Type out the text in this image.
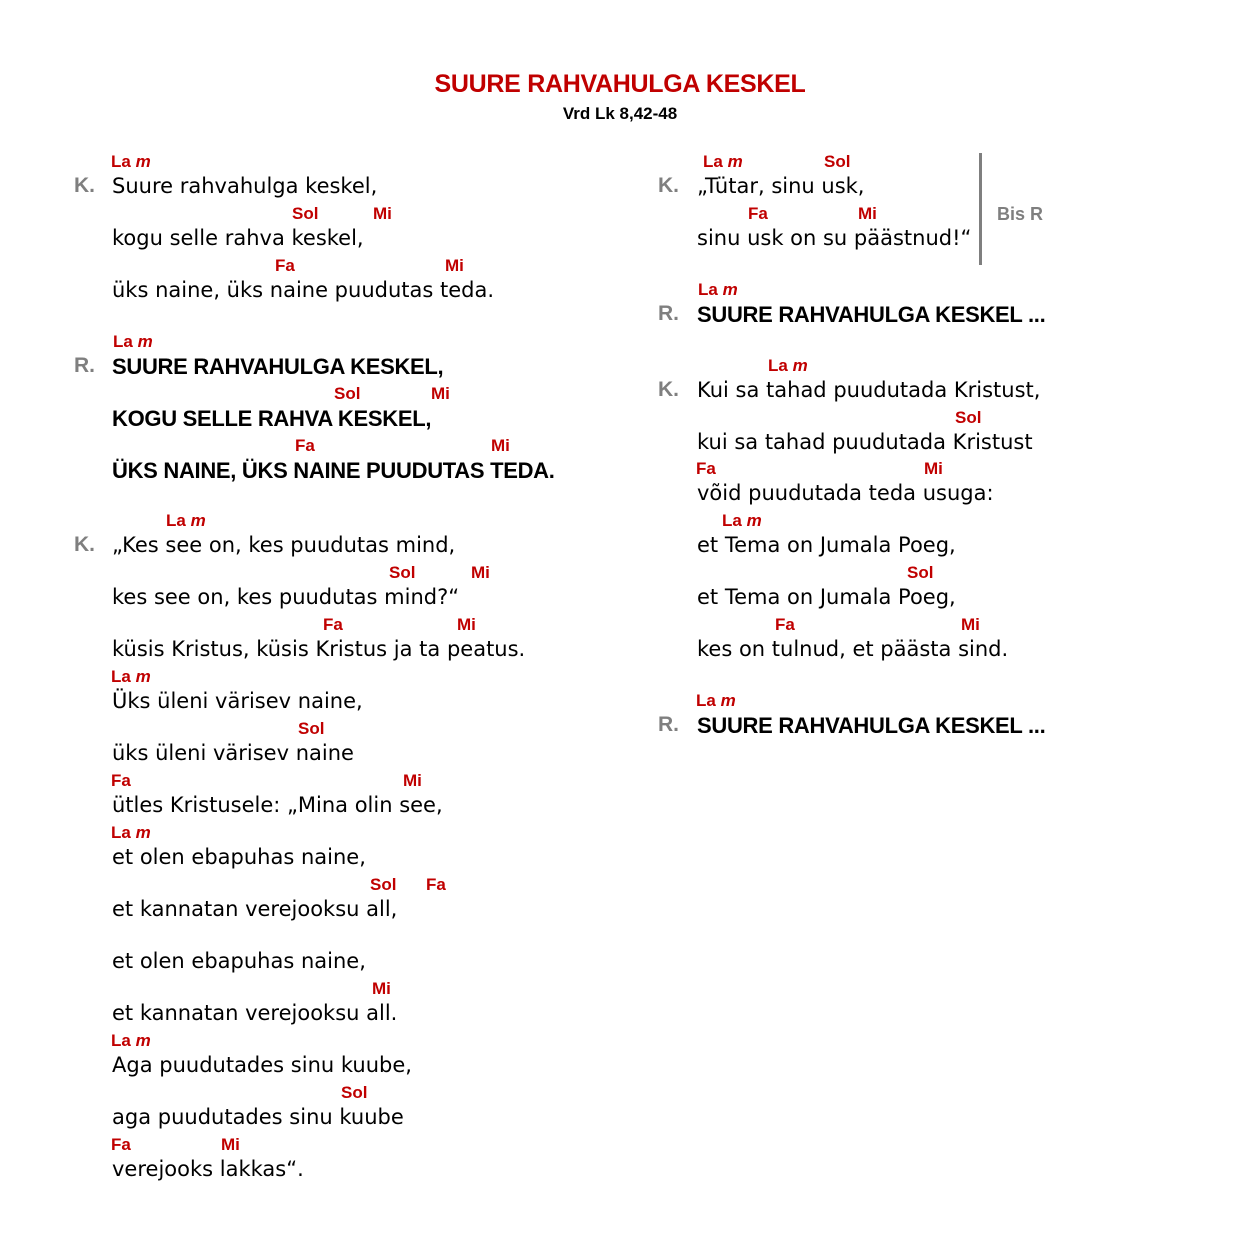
SUURE RAHVAHULGA KESKEL
Vrd Lk 8,42-48
La m
Suure rahvahulga keskel,
K.
Sol	Mi
kogu selle rahva keskel,
Fa	Mi
üks naine, üks naine puudutas teda.
La m
SUURE RAHVAHULGA KESKEL,
R.
Sol	Mi
KOGU SELLE RAHVA KESKEL,
Fa	Mi
ÜKS NAINE, ÜKS NAINE PUUDUTAS TEDA.
La m
„Kes see on, kes puudutas mind,
K.
Sol	Mi
kes see on, kes puudutas mind?“
Fa	Mi
küsis Kristus, küsis Kristus ja ta peatus.
La m
Üks üleni värisev naine,
Sol
üks üleni värisev naine
Fa	Mi
ütles Kristusele: „Mina olin see,
La m
et olen ebapuhas naine,
Sol Fa
et kannatan verejooksu all,
et olen ebapuhas naine,
Mi
et kannatan verejooksu all.
La m
Aga puudutades sinu kuube,
Sol
aga puudutades sinu kuube
Fa	Mi
verejooks lakkas“.
La m	Sol
„Tütar, sinu usk,
K.
Fa	Mi
sinu usk on su päästnud!“
La m
SUURE RAHVAHULGA KESKEL ...
R.
La m
Kui sa tahad puudutada Kristust,
K.
Sol
kui sa tahad puudutada Kristust
Fa	Mi
võid puudutada teda usuga:
La m
et Tema on Jumala Poeg,
Sol
et Tema on Jumala Poeg,
Fa	Mi
kes on tulnud, et päästa sind.
La m
SUURE RAHVAHULGA KESKEL ...
R.
Bis R
